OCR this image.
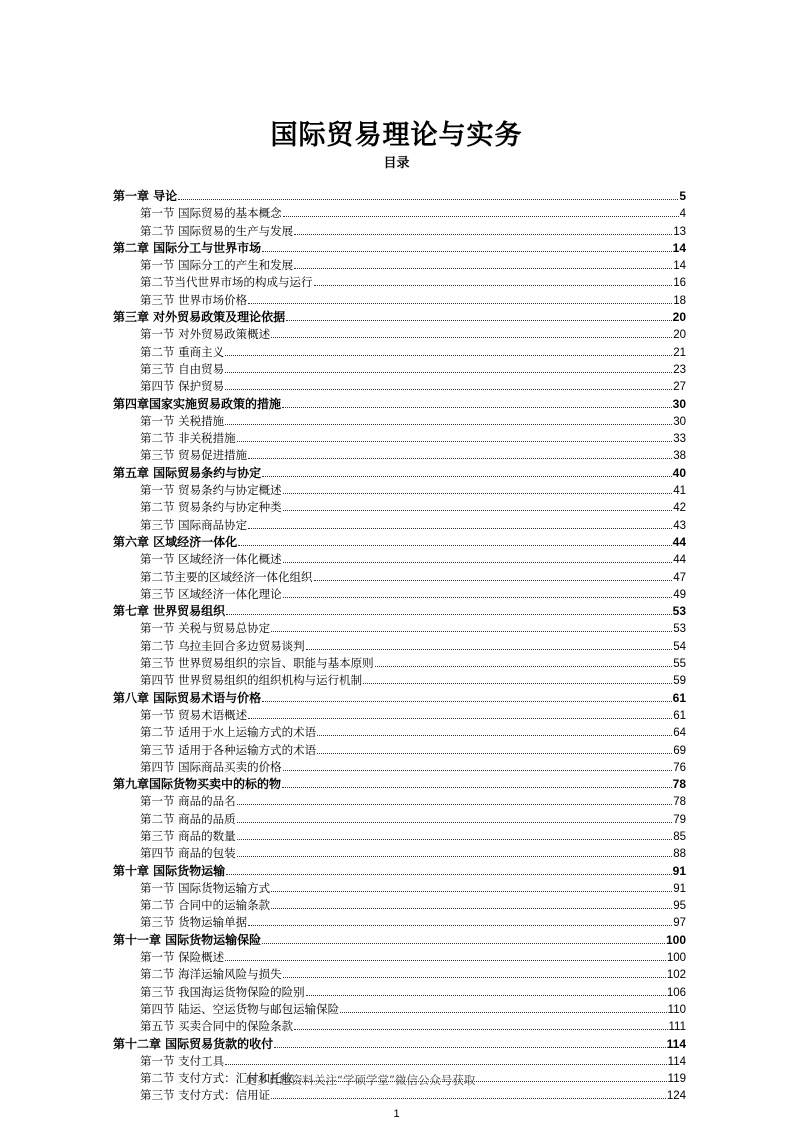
国际贸易理论与实务
目录
第一章 导论	5
第一节 国际贸易的基本概念	4
第二节 国际贸易的生产与发展	13
第二章 国际分工与世界市场	14
第一节 国际分工的产生和发展	14
第二节当代世界市场的构成与运行	16
第三节 世界市场价格	18
第三章 对外贸易政策及理论依据	20
第一节 对外贸易政策概述	20
第二节 重商主义	21
第三节 自由贸易	23
第四节 保护贸易	27
第四章国家实施贸易政策的措施	30
第一节 关税措施	30
第二节 非关税措施	33
第三节 贸易促进措施	38
第五章 国际贸易条约与协定	40
第一节 贸易条约与协定概述	41
第二节 贸易条约与协定种类	42
第三节 国际商品协定	43
第六章 区域经济一体化	44
第一节 区域经济一体化概述	44
第二节主要的区域经济一体化组织	47
第三节 区域经济一体化理论	49
第七章 世界贸易组织	53
第一节 关税与贸易总协定	53
第二节 乌拉圭回合多边贸易谈判	54
第三节 世界贸易组织的宗旨、职能与基本原则	55
第四节 世界贸易组织的组织机构与运行机制	59
第八章 国际贸易术语与价格	61
第一节 贸易术语概述	61
第二节 适用于水上运输方式的术语	64
第三节 适用于各种运输方式的术语	69
第四节 国际商品买卖的价格	76
第九章国际货物买卖中的标的物	78
第一节 商品的品名	78
第二节 商品的品质	79
第三节 商品的数量	85
第四节 商品的包装	88
第十章 国际货物运输	91
第一节 国际货物运输方式	91
第二节 合同中的运输条款	95
第三节 货物运输单据	97
第十一章 国际货物运输保险	100
第一节 保险概述	100
第二节 海洋运输风险与损失	102
第三节 我国海运货物保险的险别	106
第四节 陆运、空运货物与邮包运输保险	110
第五节 买卖合同中的保险条款	111
第十二章 国际贸易货款的收付	114
第一节 支付工具	114
第二节 支付方式：汇付和托收	119
第三节 支付方式：信用证	124
更多真题资料关注“学硕学堂”微信公众号获取
1
